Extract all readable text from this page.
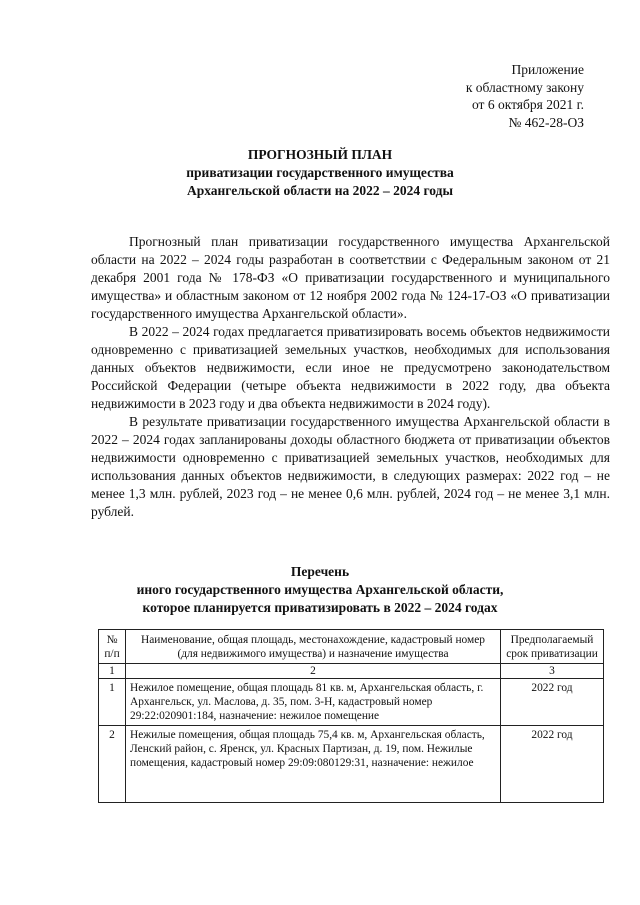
Приложение
к областному закону
от 6 октября 2021 г.
№ 462-28-ОЗ
ПРОГНОЗНЫЙ ПЛАН
приватизации государственного имущества
Архангельской области на 2022 – 2024 годы

Прогнозный план приватизации государственного имущества Архангельской области на 2022 – 2024 годы разработан в соответствии с Федеральным законом от 21 декабря 2001 года № 178-ФЗ «О приватизации государственного и муниципального имущества» и областным законом от 12 ноября 2002 года № 124-17-ОЗ «О приватизации государственного имущества Архангельской области».

В 2022 – 2024 годах предлагается приватизировать восемь объектов недвижимости одновременно с приватизацией земельных участков, необходимых для использования данных объектов недвижимости, если иное не предусмотрено законодательством Российской Федерации (четыре объекта недвижимости в 2022 году, два объекта недвижимости в 2023 году и два объекта недвижимости в 2024 году).

В результате приватизации государственного имущества Архангельской области в 2022 – 2024 годах запланированы доходы областного бюджета от приватизации объектов недвижимости одновременно с приватизацией земельных участков, необходимых для использования данных объектов недвижимости, в следующих размерах: 2022 год – не менее 1,3 млн. рублей, 2023 год – не менее 0,6 млн. рублей, 2024 год – не менее 3,1 млн. рублей.

Перечень
иного государственного имущества Архангельской области,
которое планируется приватизировать в 2022 – 2024 годах
№ п/п	Наименование, общая площадь, местонахождение, кадастровый номер (для недвижимого имущества) и назначение имущества	Предполагаемый срок приватизации
1	2	3
1	Нежилое помещение, общая площадь 81 кв. м, Архангельская область, г. Архангельск, ул. Маслова, д. 35, пом. 3-Н, кадастровый номер 29:22:020901:184, назначение: нежилое помещение	2022 год
2	Нежилые помещения, общая площадь 75,4 кв. м, Архангельская область, Ленский район, с. Яренск, ул. Красных Партизан, д. 19, пом. Нежилые помещения, кадастровый номер 29:09:080129:31, назначение: нежилое	2022 год
